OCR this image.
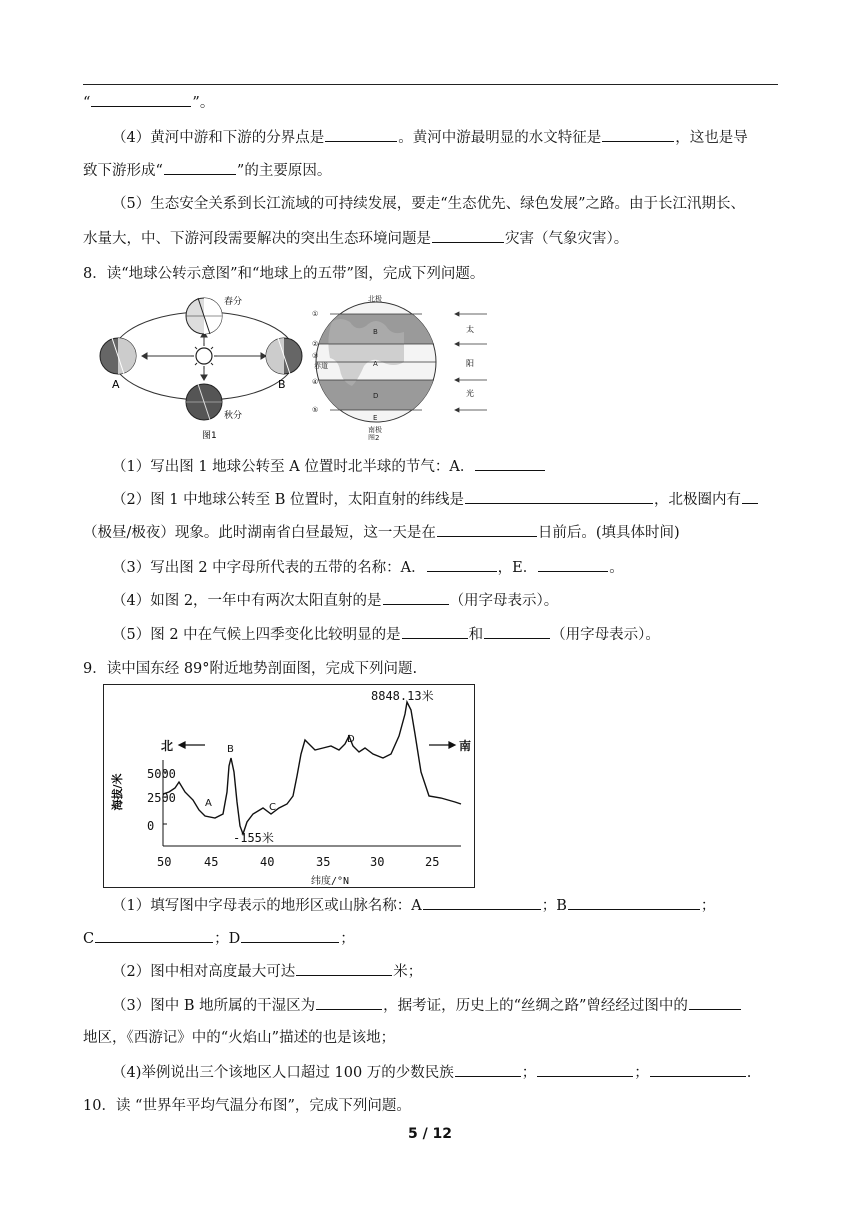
“	”。
（4）黄河中游和下游的分界点是	。黄河中游最明显的水文特征是	，这也是导
致下游形成“	”的主要原因。
（5）生态安全关系到长江流域的可持续发展，要走“生态优先、绿色发展”之路。由于长江汛期长、
水量大，中、下游河段需要解决的突出生态环境问题是	灾害（气象灾害）。
8．读“地球公转示意图”和“地球上的五带”图，完成下列问题。
春分
A	B
秋分
图1
北极
南极
赤道
B
A
D
E
①
②
③
④
⑤
图2
太
阳
光
（1）写出图 1 地球公转至 A 位置时北半球的节气：A．
（2）图 1 中地球公转至 B 位置时，太阳直射的纬线是	，北极圈内有
（极昼/极夜）现象。此时湖南省白昼最短，这一天是在	日前后。(填具体时间)
（3）写出图 2 中字母所代表的五带的名称：A．	，E．	。
（4）如图 2，一年中有两次太阳直射的是	（用字母表示）。
（5）图 2 中在气候上四季变化比较明显的是	和	（用字母表示）。
9．读中国东经 89°附近地势剖面图，完成下列问题.
8848.13米
-155米
5000
2500
0
50	45	40	35	30	25
纬度/°N
北	南
A
B
C
D
海拔/米
（1）填写图中字母表示的地形区或山脉名称：A	；B	；
C	；D	；
（2）图中相对高度最大可达	米；
（3）图中 B 地所属的干湿区为	，据考证，历史上的“丝绸之路”曾经经过图中的
地区，《西游记》中的“火焰山”描述的也是该地；
（4)举例说出三个该地区人口超过 100 万的少数民族	；	；	.
10．读 “世界年平均气温分布图”，完成下列问题。
5 / 12
